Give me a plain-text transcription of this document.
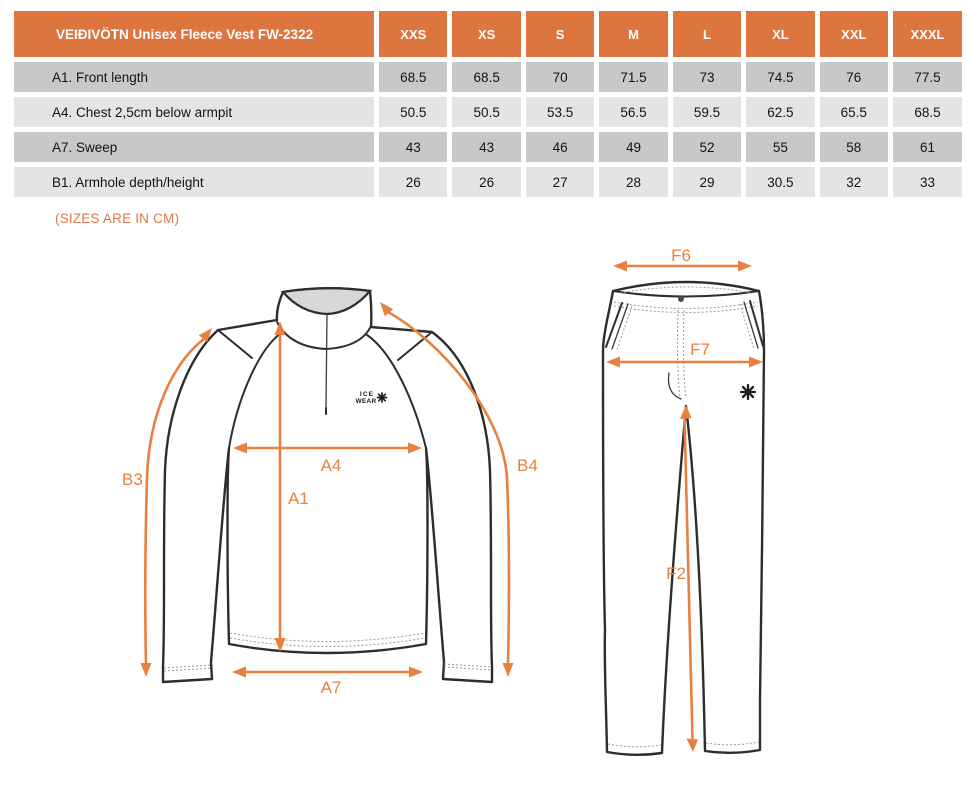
VEIÐIVÖTN Unisex Fleece Vest FW-2322	XXS	XS	S	M	L	XL	XXL	XXXL
A1. Front length	68.5	68.5	70	71.5	73	74.5	76	77.5
A4. Chest 2,5cm below armpit	50.5	50.5	53.5	56.5	59.5	62.5	65.5	68.5
A7. Sweep	43	43	46	49	52	55	58	61
B1. Armhole depth/height	26	26	27	28	29	30.5	32	33
(SIZES ARE IN CM)
ICE
WEAR
A4
A1
A7
B3
B4
F6
F7
F2
